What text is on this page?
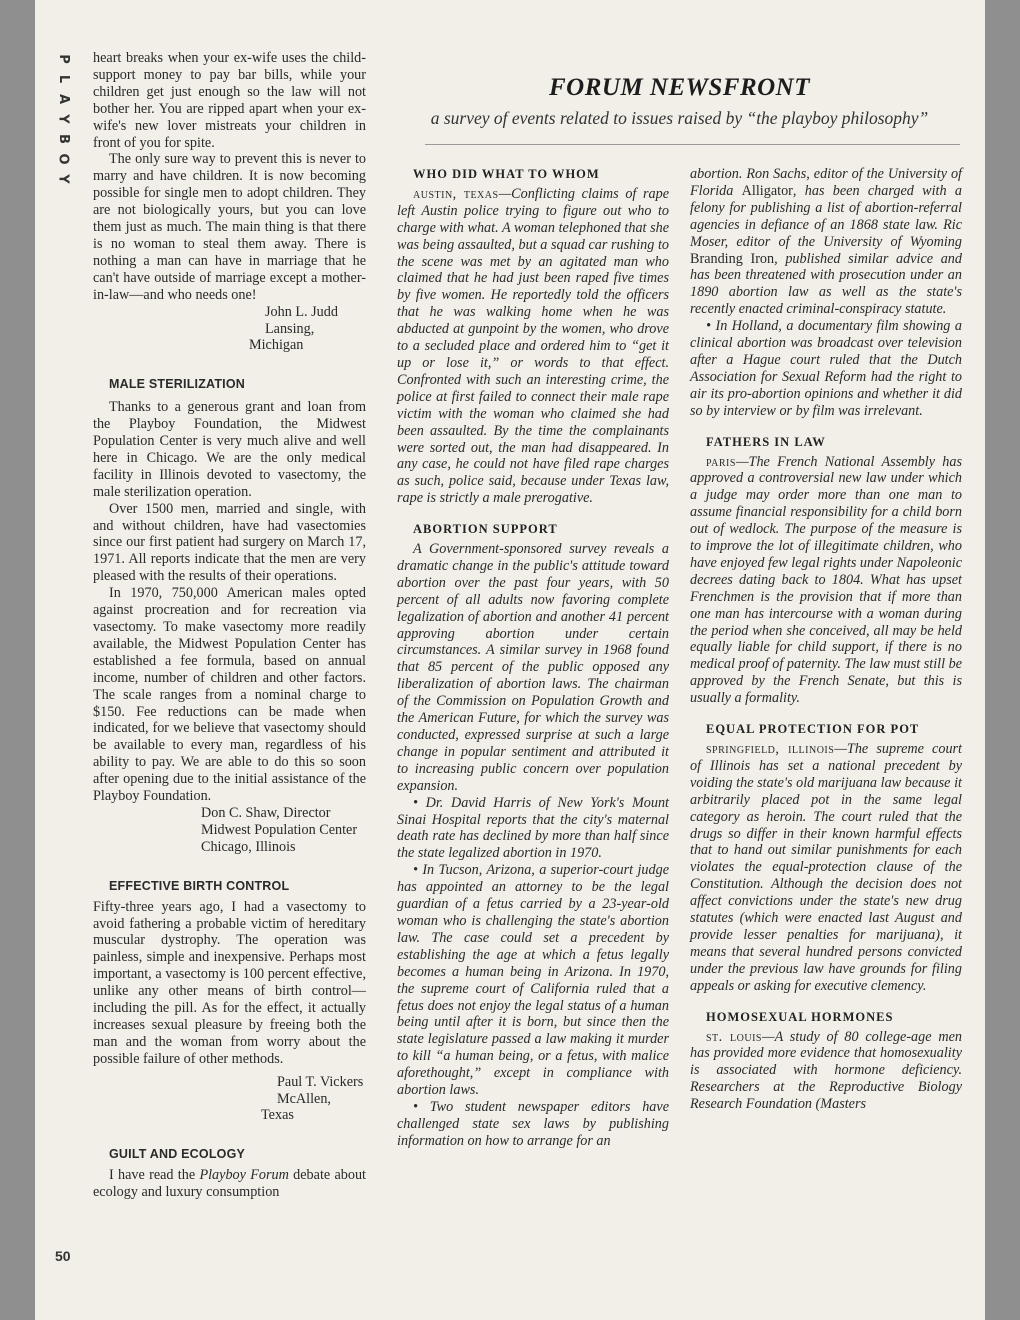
P
L
A
Y
B
O
Y
50

heart breaks when your ex-wife uses the child-support money to pay bar bills, while your children get just enough so the law will not bother her. You are ripped apart when your ex-wife's new lover mistreats your children in front of you for spite.

The only sure way to prevent this is never to marry and have children. It is now becoming possible for single men to adopt children. They are not biologically yours, but you can love them just as much. The main thing is that there is no woman to steal them away. There is nothing a man can have in marriage that he can't have outside of marriage except a mother-in-law—and who needs one!

John L. Judd

Lansing, Michigan

MALE STERILIZATION

Thanks to a generous grant and loan from the Playboy Foundation, the Midwest Population Center is very much alive and well here in Chicago. We are the only medical facility in Illinois devoted to vasectomy, the male sterilization operation.

Over 1500 men, married and single, with and without children, have had vasectomies since our first patient had surgery on March 17, 1971. All reports indicate that the men are very pleased with the results of their operations.

In 1970, 750,000 American males opted against procreation and for recreation via vasectomy. To make vasectomy more readily available, the Midwest Population Center has established a fee formula, based on annual income, number of children and other factors. The scale ranges from a nominal charge to $150. Fee reductions can be made when indicated, for we believe that vasectomy should be available to every man, regardless of his ability to pay. We are able to do this so soon after opening due to the initial assistance of the Playboy Foundation.

Don C. Shaw, Director

Midwest Population Center

Chicago, Illinois

EFFECTIVE BIRTH CONTROL

Fifty-three years ago, I had a vasectomy to avoid fathering a probable victim of hereditary muscular dystrophy. The operation was painless, simple and inexpensive. Perhaps most important, a vasectomy is 100 percent effective, unlike any other means of birth control—including the pill. As for the effect, it actually increases sexual pleasure by freeing both the man and the woman from worry about the possible failure of other methods.

Paul T. Vickers

McAllen, Texas

GUILT AND ECOLOGY

I have read the Playboy Forum debate about ecology and luxury consumption

FORUM NEWSFRONT

a survey of events related to issues raised by “the playboy philosophy”

WHO DID WHAT TO WHOM

austin, texas—Conflicting claims of rape left Austin police trying to figure out who to charge with what. A woman telephoned that she was being assaulted, but a squad car rushing to the scene was met by an agitated man who claimed that he had just been raped five times by five women. He reportedly told the officers that he was walking home when he was abducted at gunpoint by the women, who drove to a secluded place and ordered him to “get it up or lose it,” or words to that effect. Confronted with such an interesting crime, the police at first failed to connect their male rape victim with the woman who claimed she had been assaulted. By the time the complainants were sorted out, the man had disappeared. In any case, he could not have filed rape charges as such, police said, because under Texas law, rape is strictly a male prerogative.

ABORTION SUPPORT

A Government-sponsored survey reveals a dramatic change in the public's attitude toward abortion over the past four years, with 50 percent of all adults now favoring complete legalization of abortion and another 41 percent approving abortion under certain circumstances. A similar survey in 1968 found that 85 percent of the public opposed any liberalization of abortion laws. The chairman of the Commission on Population Growth and the American Future, for which the survey was conducted, expressed surprise at such a large change in popular sentiment and attributed it to increasing public concern over population expansion.

• Dr. David Harris of New York's Mount Sinai Hospital reports that the city's maternal death rate has declined by more than half since the state legalized abortion in 1970.

• In Tucson, Arizona, a superior-court judge has appointed an attorney to be the legal guardian of a fetus carried by a 23-year-old woman who is challenging the state's abortion law. The case could set a precedent by establishing the age at which a fetus legally becomes a human being in Arizona. In 1970, the supreme court of California ruled that a fetus does not enjoy the legal status of a human being until after it is born, but since then the state legislature passed a law making it murder to kill “a human being, or a fetus, with malice aforethought,” except in compliance with abortion laws.

• Two student newspaper editors have challenged state sex laws by publishing information on how to arrange for an

abortion. Ron Sachs, editor of the University of Florida Alligator, has been charged with a felony for publishing a list of abortion-referral agencies in defiance of an 1868 state law. Ric Moser, editor of the University of Wyoming Branding Iron, published similar advice and has been threatened with prosecution under an 1890 abortion law as well as the state's recently enacted criminal-conspiracy statute.

• In Holland, a documentary film showing a clinical abortion was broadcast over television after a Hague court ruled that the Dutch Association for Sexual Reform had the right to air its pro-abortion opinions and whether it did so by interview or by film was irrelevant.

FATHERS IN LAW

paris—The French National Assembly has approved a controversial new law under which a judge may order more than one man to assume financial responsibility for a child born out of wedlock. The purpose of the measure is to improve the lot of illegitimate children, who have enjoyed few legal rights under Napoleonic decrees dating back to 1804. What has upset Frenchmen is the provision that if more than one man has intercourse with a woman during the period when she conceived, all may be held equally liable for child support, if there is no medical proof of paternity. The law must still be approved by the French Senate, but this is usually a formality.

EQUAL PROTECTION FOR POT

springfield, illinois—The supreme court of Illinois has set a national precedent by voiding the state's old marijuana law because it arbitrarily placed pot in the same legal category as heroin. The court ruled that the drugs so differ in their known harmful effects that to hand out similar punishments for each violates the equal-protection clause of the Constitution. Although the decision does not affect convictions under the state's new drug statutes (which were enacted last August and provide lesser penalties for marijuana), it means that several hundred persons convicted under the previous law have grounds for filing appeals or asking for executive clemency.

HOMOSEXUAL HORMONES

st. louis—A study of 80 college-age men has provided more evidence that homosexuality is associated with hormone deficiency. Researchers at the Reproductive Biology Research Foundation (Masters
